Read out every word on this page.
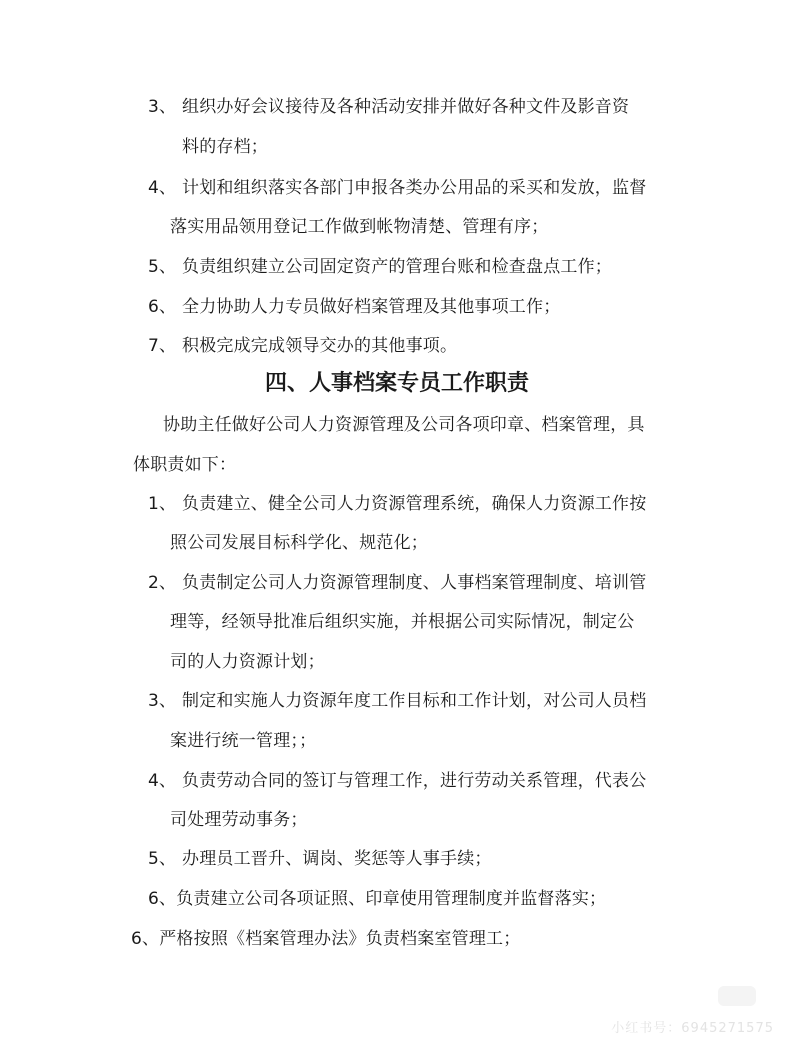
3、 组织办好会议接待及各种活动安排并做好各种文件及影音资
料的存档；
4、 计划和组织落实各部门申报各类办公用品的采买和发放，监督
落实用品领用登记工作做到帐物清楚、管理有序；
5、 负责组织建立公司固定资产的管理台账和检查盘点工作；
6、 全力协助人力专员做好档案管理及其他事项工作；
7、 积极完成完成领导交办的其他事项。
四、人事档案专员工作职责
协助主任做好公司人力资源管理及公司各项印章、档案管理，具
体职责如下：
1、 负责建立、健全公司人力资源管理系统，确保人力资源工作按
照公司发展目标科学化、规范化；
2、 负责制定公司人力资源管理制度、人事档案管理制度、培训管
理等，经领导批准后组织实施，并根据公司实际情况，制定公
司的人力资源计划；
3、 制定和实施人力资源年度工作目标和工作计划，对公司人员档
案进行统一管理；；
4、 负责劳动合同的签订与管理工作，进行劳动关系管理，代表公
司处理劳动事务；
5、 办理员工晋升、调岗、奖惩等人事手续；
6、负责建立公司各项证照、印章使用管理制度并监督落实；
6、严格按照《档案管理办法》负责档案室管理工；
小红书号：6945271575
